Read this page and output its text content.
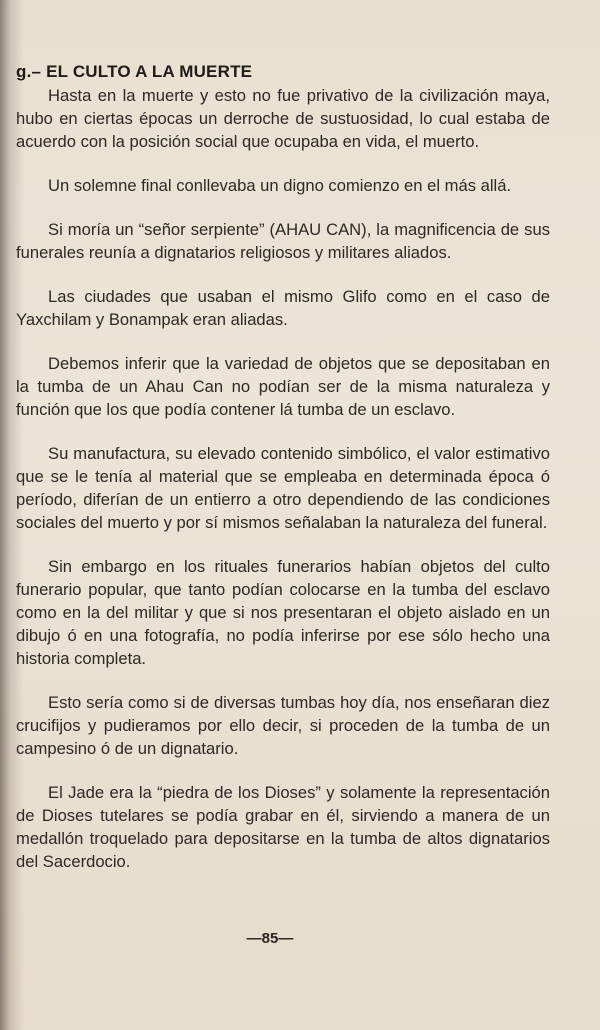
g.– EL CULTO A LA MUERTE

Hasta en la muerte y esto no fue privativo de la civilización maya, hubo en ciertas épocas un derroche de sustuosidad, lo cual estaba de acuerdo con la posición social que ocupaba en vida, el muerto.

Un solemne final conllevaba un digno comienzo en el más allá.

Si moría un “señor serpiente” (AHAU CAN), la magnificencia de sus funerales reunía a dignatarios religiosos y militares aliados.

Las ciudades que usaban el mismo Glifo como en el caso de Yaxchilam y Bonampak eran aliadas.

Debemos inferir que la variedad de objetos que se depositaban en la tumba de un Ahau Can no podían ser de la misma naturaleza y función que los que podía contener lá tumba de un esclavo.

Su manufactura, su elevado contenido simbólico, el valor estimativo que se le tenía al material que se empleaba en determinada época ó período, diferían de un entierro a otro dependiendo de las condiciones sociales del muerto y por sí mismos señalaban la naturaleza del funeral.

Sin embargo en los rituales funerarios habían objetos del culto funerario popular, que tanto podían colocarse en la tumba del esclavo como en la del militar y que si nos presentaran el objeto aislado en un dibujo ó en una fotografía, no podía inferirse por ese sólo hecho una historia completa.

Esto sería como si de diversas tumbas hoy día, nos enseñaran diez crucifijos y pudieramos por ello decir, si proceden de la tumba de un campesino ó de un dignatario.

El Jade era la “piedra de los Dioses” y solamente la representación de Dioses tutelares se podía grabar en él, sirviendo a manera de un medallón troquelado para depositarse en la tumba de altos dignatarios del Sacerdocio.

—85—
